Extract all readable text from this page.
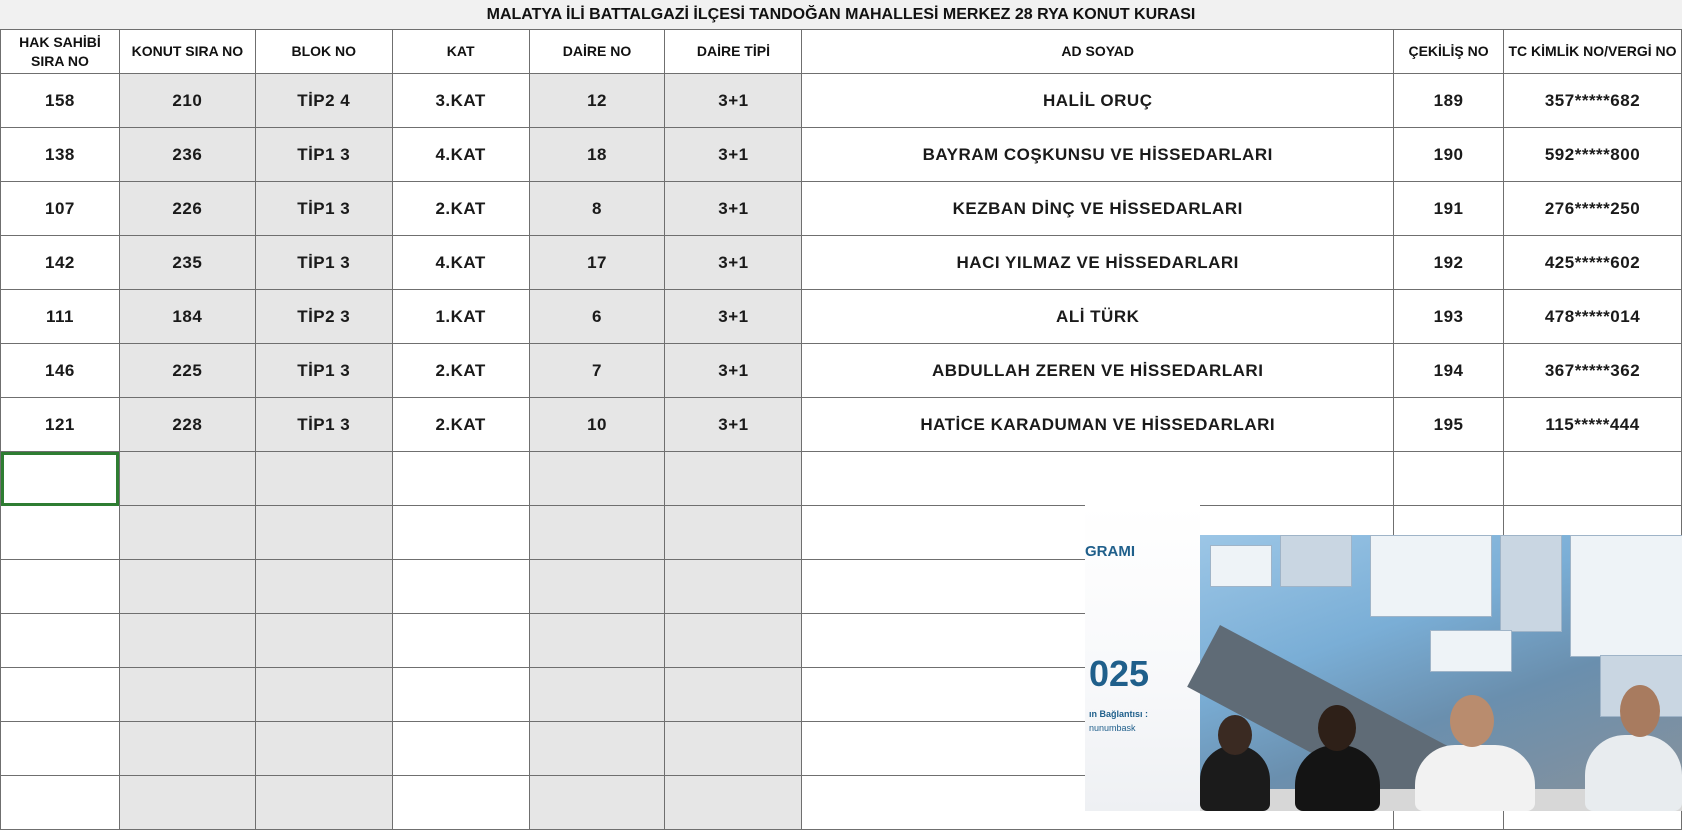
MALATYA İLİ BATTALGAZİ İLÇESİ TANDOĞAN MAHALLESİ MERKEZ 28 RYA KONUT KURASI
HAK SAHİBİ SIRA NO	KONUT SIRA NO	BLOK NO	KAT	DAİRE NO	DAİRE TİPİ	AD SOYAD	ÇEKİLİŞ NO	TC KİMLİK NO/VERGİ NO
158	210	TİP2 4	3.KAT	12	3+1	HALİL ORUÇ	189	357*****682
138	236	TİP1 3	4.KAT	18	3+1	BAYRAM COŞKUNSU VE HİSSEDARLARI	190	592*****800
107	226	TİP1 3	2.KAT	8	3+1	KEZBAN DİNÇ VE HİSSEDARLARI	191	276*****250
142	235	TİP1 3	4.KAT	17	3+1	HACI YILMAZ VE HİSSEDARLARI	192	425*****602
111	184	TİP2 3	1.KAT	6	3+1	ALİ TÜRK	193	478*****014
146	225	TİP1 3	2.KAT	7	3+1	ABDULLAH ZEREN VE HİSSEDARLARI	194	367*****362
121	228	TİP1 3	2.KAT	10	3+1	HATİCE KARADUMAN VE HİSSEDARLARI	195	115*****444

GRAMI
025
ın Bağlantısı :
nunumbask
